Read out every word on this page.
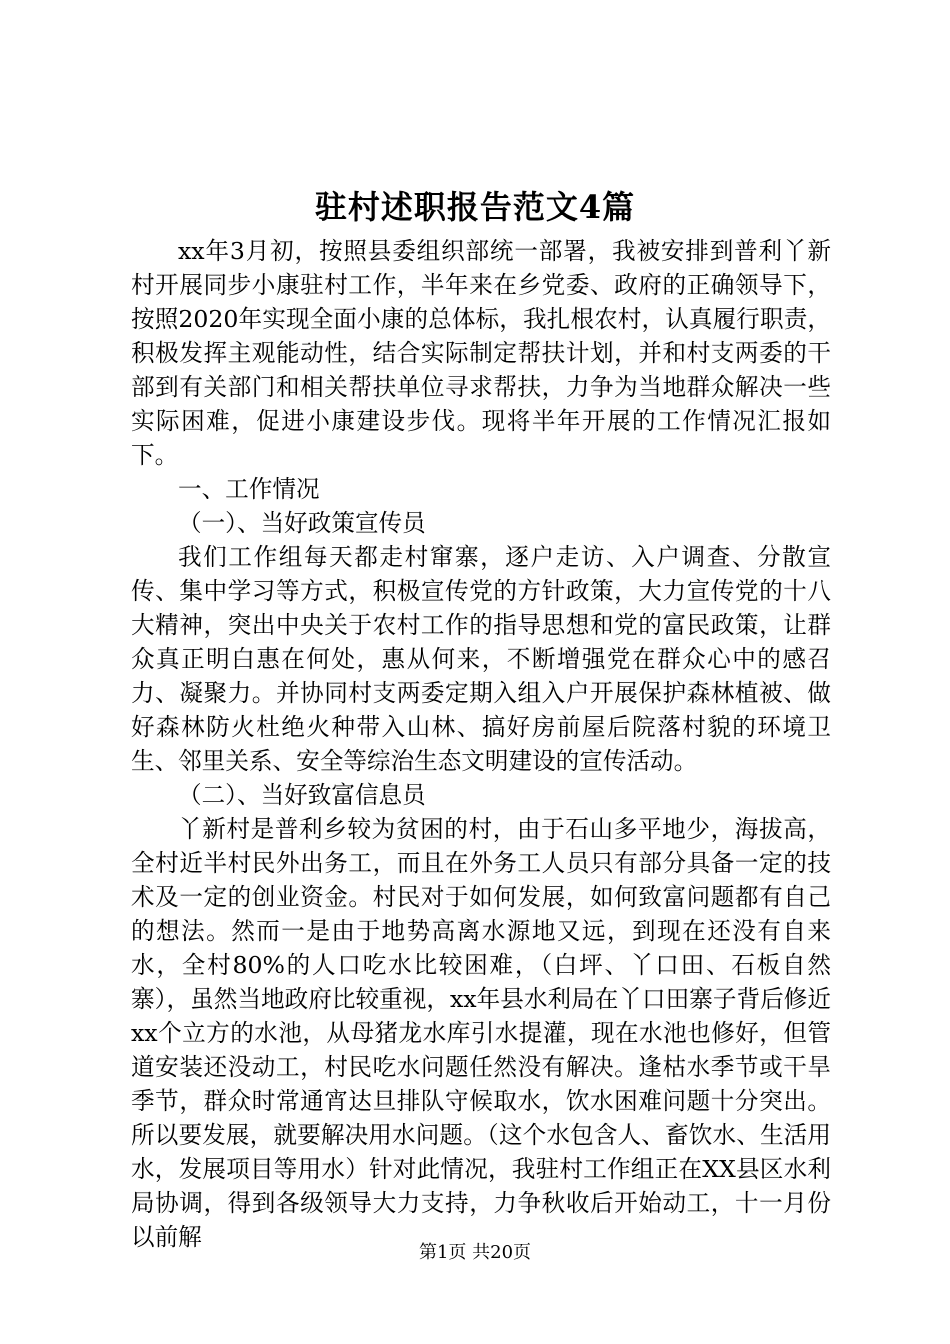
驻村述职报告范文4篇

xx年3月初，按照县委组织部统一部署，我被安排到普利丫新村开展同步小康驻村工作，半年来在乡党委、政府的正确领导下，按照2020年实现全面小康的总体标，我扎根农村，认真履行职责，积极发挥主观能动性，结合实际制定帮扶计划，并和村支两委的干部到有关部门和相关帮扶单位寻求帮扶，力争为当地群众解决一些实际困难，促进小康建设步伐。现将半年开展的工作情况汇报如下。

一、工作情况

（一）、当好政策宣传员

我们工作组每天都走村窜寨，逐户走访、入户调查、分散宣传、集中学习等方式，积极宣传党的方针政策，大力宣传党的十八大精神，突出中央关于农村工作的指导思想和党的富民政策，让群众真正明白惠在何处，惠从何来，不断增强党在群众心中的感召力、凝聚力。并协同村支两委定期入组入户开展保护森林植被、做好森林防火杜绝火种带入山林、搞好房前屋后院落村貌的环境卫生、邻里关系、安全等综治生态文明建设的宣传活动。

（二）、当好致富信息员

丫新村是普利乡较为贫困的村，由于石山多平地少，海拔高，全村近半村民外出务工，而且在外务工人员只有部分具备一定的技术及一定的创业资金。村民对于如何发展，如何致富问题都有自己的想法。然而一是由于地势高离水源地又远，到现在还没有自来水，全村80%的人口吃水比较困难，（白坪、丫口田、石板自然寨），虽然当地政府比较重视，xx年县水利局在丫口田寨子背后修近xx个立方的水池，从母猪龙水库引水提灌，现在水池也修好，但管道安装还没动工，村民吃水问题任然没有解决。逢枯水季节或干旱季节，群众时常通宵达旦排队守候取水，饮水困难问题十分突出。所以要发展，就要解决用水问题。（这个水包含人、畜饮水、生活用水，发展项目等用水）针对此情况，我驻村工作组正在XX县区水利局协调，得到各级领导大力支持，力争秋收后开始动工，十一月份以前解

第1页 共20页
